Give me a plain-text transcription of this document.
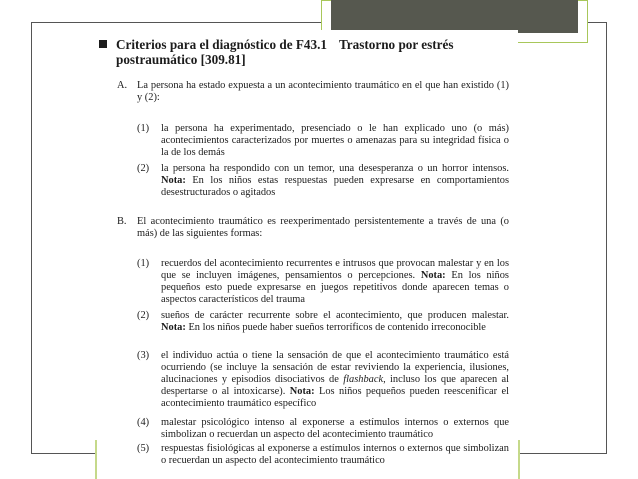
Criterios para el diagnóstico de F43.1 Trastorno por estrés
postraumático [309.81]
A. La persona ha estado expuesta a un acontecimiento traumático en el que han existido (1) y (2):
(1)	la persona ha experimentado, presenciado o le han explicado uno (o más) acontecimientos caracterizados por muertes o amenazas para su integridad física o la de los demás
(2)	la persona ha respondido con un temor, una desesperanza o un horror intensos. Nota: En los niños estas respuestas pueden expresarse en comportamientos desestructurados o agitados
B.	El acontecimiento traumático es reexperimentado persistentemente a través de una (o más) de las siguientes formas:
(1)	recuerdos del acontecimiento recurrentes e intrusos que provocan malestar y en los que se incluyen imágenes, pensamientos o percepciones. Nota: En los niños pequeños esto puede expresarse en juegos repetitivos donde aparecen temas o aspectos característicos del trauma
(2)	sueños de carácter recurrente sobre el acontecimiento, que producen malestar. Nota: En los niños puede haber sueños terroríficos de contenido irreconocible
(3)	el individuo actúa o tiene la sensación de que el acontecimiento traumático está ocurriendo (se incluye la sensación de estar reviviendo la experiencia, ilusiones, alucinaciones y episodios disociativos de flashback, incluso los que aparecen al despertarse o al intoxicarse). Nota: Los niños pequeños pueden reescenificar el acontecimiento traumático específico
(4)	malestar psicológico intenso al exponerse a estímulos internos o externos que simbolizan o recuerdan un aspecto del acontecimiento traumático
(5)	respuestas fisiológicas al exponerse a estímulos internos o externos que simbolizan o recuerdan un aspecto del acontecimiento traumático
